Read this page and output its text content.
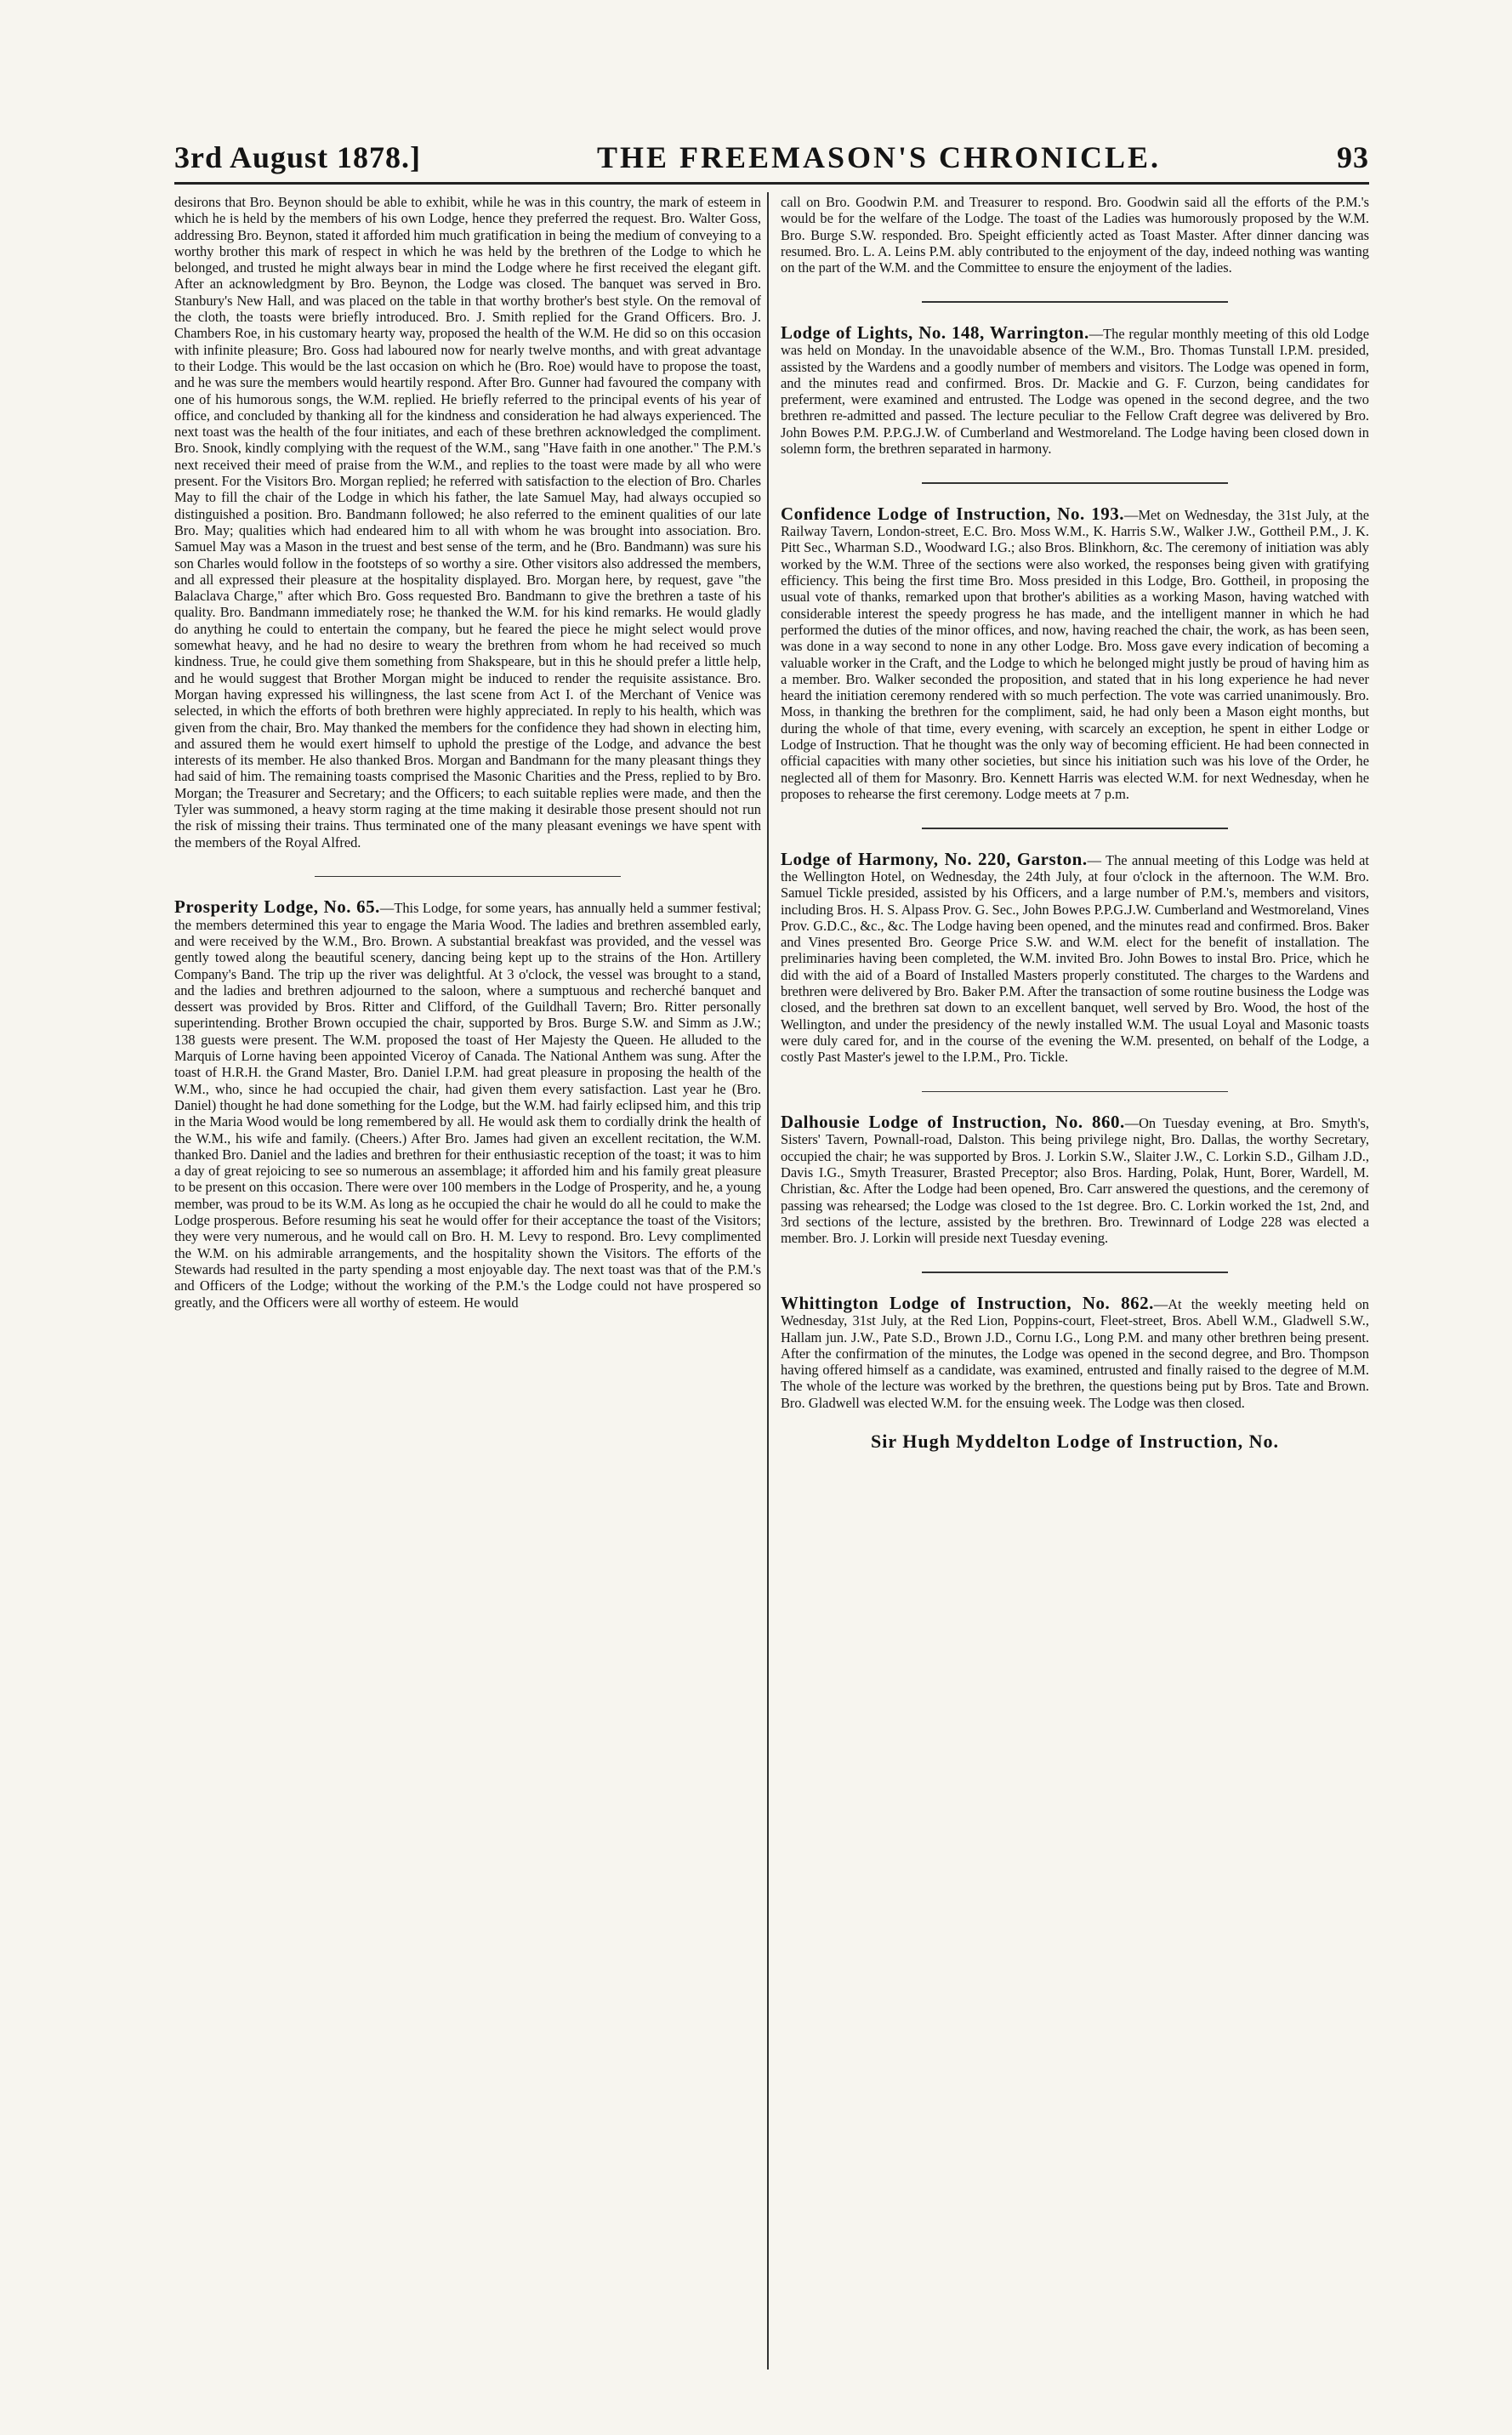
3rd August 1878.]	THE FREEMASON'S CHRONICLE.	93

desirons that Bro. Beynon should be able to exhibit, while he was in this country, the mark of esteem in which he is held by the members of his own Lodge, hence they preferred the request. Bro. Walter Goss, addressing Bro. Beynon, stated it afforded him much gratification in being the medium of conveying to a worthy brother this mark of respect in which he was held by the brethren of the Lodge to which he belonged, and trusted he might always bear in mind the Lodge where he first received the elegant gift. After an acknowledgment by Bro. Beynon, the Lodge was closed. The banquet was served in Bro. Stanbury's New Hall, and was placed on the table in that worthy brother's best style. On the removal of the cloth, the toasts were briefly introduced. Bro. J. Smith replied for the Grand Officers. Bro. J. Chambers Roe, in his customary hearty way, proposed the health of the W.M. He did so on this occasion with infinite pleasure; Bro. Goss had laboured now for nearly twelve months, and with great advantage to their Lodge. This would be the last occasion on which he (Bro. Roe) would have to propose the toast, and he was sure the members would heartily respond. After Bro. Gunner had favoured the company with one of his humorous songs, the W.M. replied. He briefly referred to the principal events of his year of office, and concluded by thanking all for the kindness and consideration he had always experienced. The next toast was the health of the four initiates, and each of these brethren acknowledged the compliment. Bro. Snook, kindly complying with the request of the W.M., sang "Have faith in one another." The P.M.'s next received their meed of praise from the W.M., and replies to the toast were made by all who were present. For the Visitors Bro. Morgan replied; he referred with satisfaction to the election of Bro. Charles May to fill the chair of the Lodge in which his father, the late Samuel May, had always occupied so distinguished a position. Bro. Bandmann followed; he also referred to the eminent qualities of our late Bro. May; qualities which had endeared him to all with whom he was brought into association. Bro. Samuel May was a Mason in the truest and best sense of the term, and he (Bro. Bandmann) was sure his son Charles would follow in the footsteps of so worthy a sire. Other visitors also addressed the members, and all expressed their pleasure at the hospitality displayed. Bro. Morgan here, by request, gave "the Balaclava Charge," after which Bro. Goss requested Bro. Bandmann to give the brethren a taste of his quality. Bro. Bandmann immediately rose; he thanked the W.M. for his kind remarks. He would gladly do anything he could to entertain the company, but he feared the piece he might select would prove somewhat heavy, and he had no desire to weary the brethren from whom he had received so much kindness. True, he could give them something from Shakspeare, but in this he should prefer a little help, and he would suggest that Brother Morgan might be induced to render the requisite assistance. Bro. Morgan having expressed his willingness, the last scene from Act I. of the Merchant of Venice was selected, in which the efforts of both brethren were highly appreciated. In reply to his health, which was given from the chair, Bro. May thanked the members for the confidence they had shown in electing him, and assured them he would exert himself to uphold the prestige of the Lodge, and advance the best interests of its member. He also thanked Bros. Morgan and Bandmann for the many pleasant things they had said of him. The remaining toasts comprised the Masonic Charities and the Press, replied to by Bro. Morgan; the Treasurer and Secretary; and the Officers; to each suitable replies were made, and then the Tyler was summoned, a heavy storm raging at the time making it desirable those present should not run the risk of missing their trains. Thus terminated one of the many pleasant evenings we have spent with the members of the Royal Alfred.

Prosperity Lodge, No. 65.—This Lodge, for some years, has annually held a summer festival; the members determined this year to engage the Maria Wood. The ladies and brethren assembled early, and were received by the W.M., Bro. Brown. A substantial breakfast was provided, and the vessel was gently towed along the beautiful scenery, dancing being kept up to the strains of the Hon. Artillery Company's Band. The trip up the river was delightful. At 3 o'clock, the vessel was brought to a stand, and the ladies and brethren adjourned to the saloon, where a sumptuous and recherché banquet and dessert was provided by Bros. Ritter and Clifford, of the Guildhall Tavern; Bro. Ritter personally superintending. Brother Brown occupied the chair, supported by Bros. Burge S.W. and Simm as J.W.; 138 guests were present. The W.M. proposed the toast of Her Majesty the Queen. He alluded to the Marquis of Lorne having been appointed Viceroy of Canada. The National Anthem was sung. After the toast of H.R.H. the Grand Master, Bro. Daniel I.P.M. had great pleasure in proposing the health of the W.M., who, since he had occupied the chair, had given them every satisfaction. Last year he (Bro. Daniel) thought he had done something for the Lodge, but the W.M. had fairly eclipsed him, and this trip in the Maria Wood would be long remembered by all. He would ask them to cordially drink the health of the W.M., his wife and family. (Cheers.) After Bro. James had given an excellent recitation, the W.M. thanked Bro. Daniel and the ladies and brethren for their enthusiastic reception of the toast; it was to him a day of great rejoicing to see so numerous an assemblage; it afforded him and his family great pleasure to be present on this occasion. There were over 100 members in the Lodge of Prosperity, and he, a young member, was proud to be its W.M. As long as he occupied the chair he would do all he could to make the Lodge prosperous. Before resuming his seat he would offer for their acceptance the toast of the Visitors; they were very numerous, and he would call on Bro. H. M. Levy to respond. Bro. Levy complimented the W.M. on his admirable arrangements, and the hospitality shown the Visitors. The efforts of the Stewards had resulted in the party spending a most enjoyable day. The next toast was that of the P.M.'s and Officers of the Lodge; without the working of the P.M.'s the Lodge could not have prospered so greatly, and the Officers were all worthy of esteem. He would

call on Bro. Goodwin P.M. and Treasurer to respond. Bro. Goodwin said all the efforts of the P.M.'s would be for the welfare of the Lodge. The toast of the Ladies was humorously proposed by the W.M. Bro. Burge S.W. responded. Bro. Speight efficiently acted as Toast Master. After dinner dancing was resumed. Bro. L. A. Leins P.M. ably contributed to the enjoyment of the day, indeed nothing was wanting on the part of the W.M. and the Committee to ensure the enjoyment of the ladies.

Lodge of Lights, No. 148, Warrington.—The regular monthly meeting of this old Lodge was held on Monday. In the unavoidable absence of the W.M., Bro. Thomas Tunstall I.P.M. presided, assisted by the Wardens and a goodly number of members and visitors. The Lodge was opened in form, and the minutes read and confirmed. Bros. Dr. Mackie and G. F. Curzon, being candidates for preferment, were examined and entrusted. The Lodge was opened in the second degree, and the two brethren re-admitted and passed. The lecture peculiar to the Fellow Craft degree was delivered by Bro. John Bowes P.M. P.P.G.J.W. of Cumberland and Westmoreland. The Lodge having been closed down in solemn form, the brethren separated in harmony.

Confidence Lodge of Instruction, No. 193.—Met on Wednesday, the 31st July, at the Railway Tavern, London-street, E.C. Bro. Moss W.M., K. Harris S.W., Walker J.W., Gottheil P.M., J. K. Pitt Sec., Wharman S.D., Woodward I.G.; also Bros. Blinkhorn, &c. The ceremony of initiation was ably worked by the W.M. Three of the sections were also worked, the responses being given with gratifying efficiency. This being the first time Bro. Moss presided in this Lodge, Bro. Gottheil, in proposing the usual vote of thanks, remarked upon that brother's abilities as a working Mason, having watched with considerable interest the speedy progress he has made, and the intelligent manner in which he had performed the duties of the minor offices, and now, having reached the chair, the work, as has been seen, was done in a way second to none in any other Lodge. Bro. Moss gave every indication of becoming a valuable worker in the Craft, and the Lodge to which he belonged might justly be proud of having him as a member. Bro. Walker seconded the proposition, and stated that in his long experience he had never heard the initiation ceremony rendered with so much perfection. The vote was carried unanimously. Bro. Moss, in thanking the brethren for the compliment, said, he had only been a Mason eight months, but during the whole of that time, every evening, with scarcely an exception, he spent in either Lodge or Lodge of Instruction. That he thought was the only way of becoming efficient. He had been connected in official capacities with many other societies, but since his initiation such was his love of the Order, he neglected all of them for Masonry. Bro. Kennett Harris was elected W.M. for next Wednesday, when he proposes to rehearse the first ceremony. Lodge meets at 7 p.m.

Lodge of Harmony, No. 220, Garston.— The annual meeting of this Lodge was held at the Wellington Hotel, on Wednesday, the 24th July, at four o'clock in the afternoon. The W.M. Bro. Samuel Tickle presided, assisted by his Officers, and a large number of P.M.'s, members and visitors, including Bros. H. S. Alpass Prov. G. Sec., John Bowes P.P.G.J.W. Cumberland and Westmoreland, Vines Prov. G.D.C., &c., &c. The Lodge having been opened, and the minutes read and confirmed. Bros. Baker and Vines presented Bro. George Price S.W. and W.M. elect for the benefit of installation. The preliminaries having been completed, the W.M. invited Bro. John Bowes to instal Bro. Price, which he did with the aid of a Board of Installed Masters properly constituted. The charges to the Wardens and brethren were delivered by Bro. Baker P.M. After the transaction of some routine business the Lodge was closed, and the brethren sat down to an excellent banquet, well served by Bro. Wood, the host of the Wellington, and under the presidency of the newly installed W.M. The usual Loyal and Masonic toasts were duly cared for, and in the course of the evening the W.M. presented, on behalf of the Lodge, a costly Past Master's jewel to the I.P.M., Pro. Tickle.

Dalhousie Lodge of Instruction, No. 860.—On Tuesday evening, at Bro. Smyth's, Sisters' Tavern, Pownall-road, Dalston. This being privilege night, Bro. Dallas, the worthy Secretary, occupied the chair; he was supported by Bros. J. Lorkin S.W., Slaiter J.W., C. Lorkin S.D., Gilham J.D., Davis I.G., Smyth Treasurer, Brasted Preceptor; also Bros. Harding, Polak, Hunt, Borer, Wardell, M. Christian, &c. After the Lodge had been opened, Bro. Carr answered the questions, and the ceremony of passing was rehearsed; the Lodge was closed to the 1st degree. Bro. C. Lorkin worked the 1st, 2nd, and 3rd sections of the lecture, assisted by the brethren. Bro. Trewinnard of Lodge 228 was elected a member. Bro. J. Lorkin will preside next Tuesday evening.

Whittington Lodge of Instruction, No. 862.—At the weekly meeting held on Wednesday, 31st July, at the Red Lion, Poppins-court, Fleet-street, Bros. Abell W.M., Gladwell S.W., Hallam jun. J.W., Pate S.D., Brown J.D., Cornu I.G., Long P.M. and many other brethren being present. After the confirmation of the minutes, the Lodge was opened in the second degree, and Bro. Thompson having offered himself as a candidate, was examined, entrusted and finally raised to the degree of M.M. The whole of the lecture was worked by the brethren, the questions being put by Bros. Tate and Brown. Bro. Gladwell was elected W.M. for the ensuing week. The Lodge was then closed.

Sir Hugh Myddelton Lodge of Instruction, No.
